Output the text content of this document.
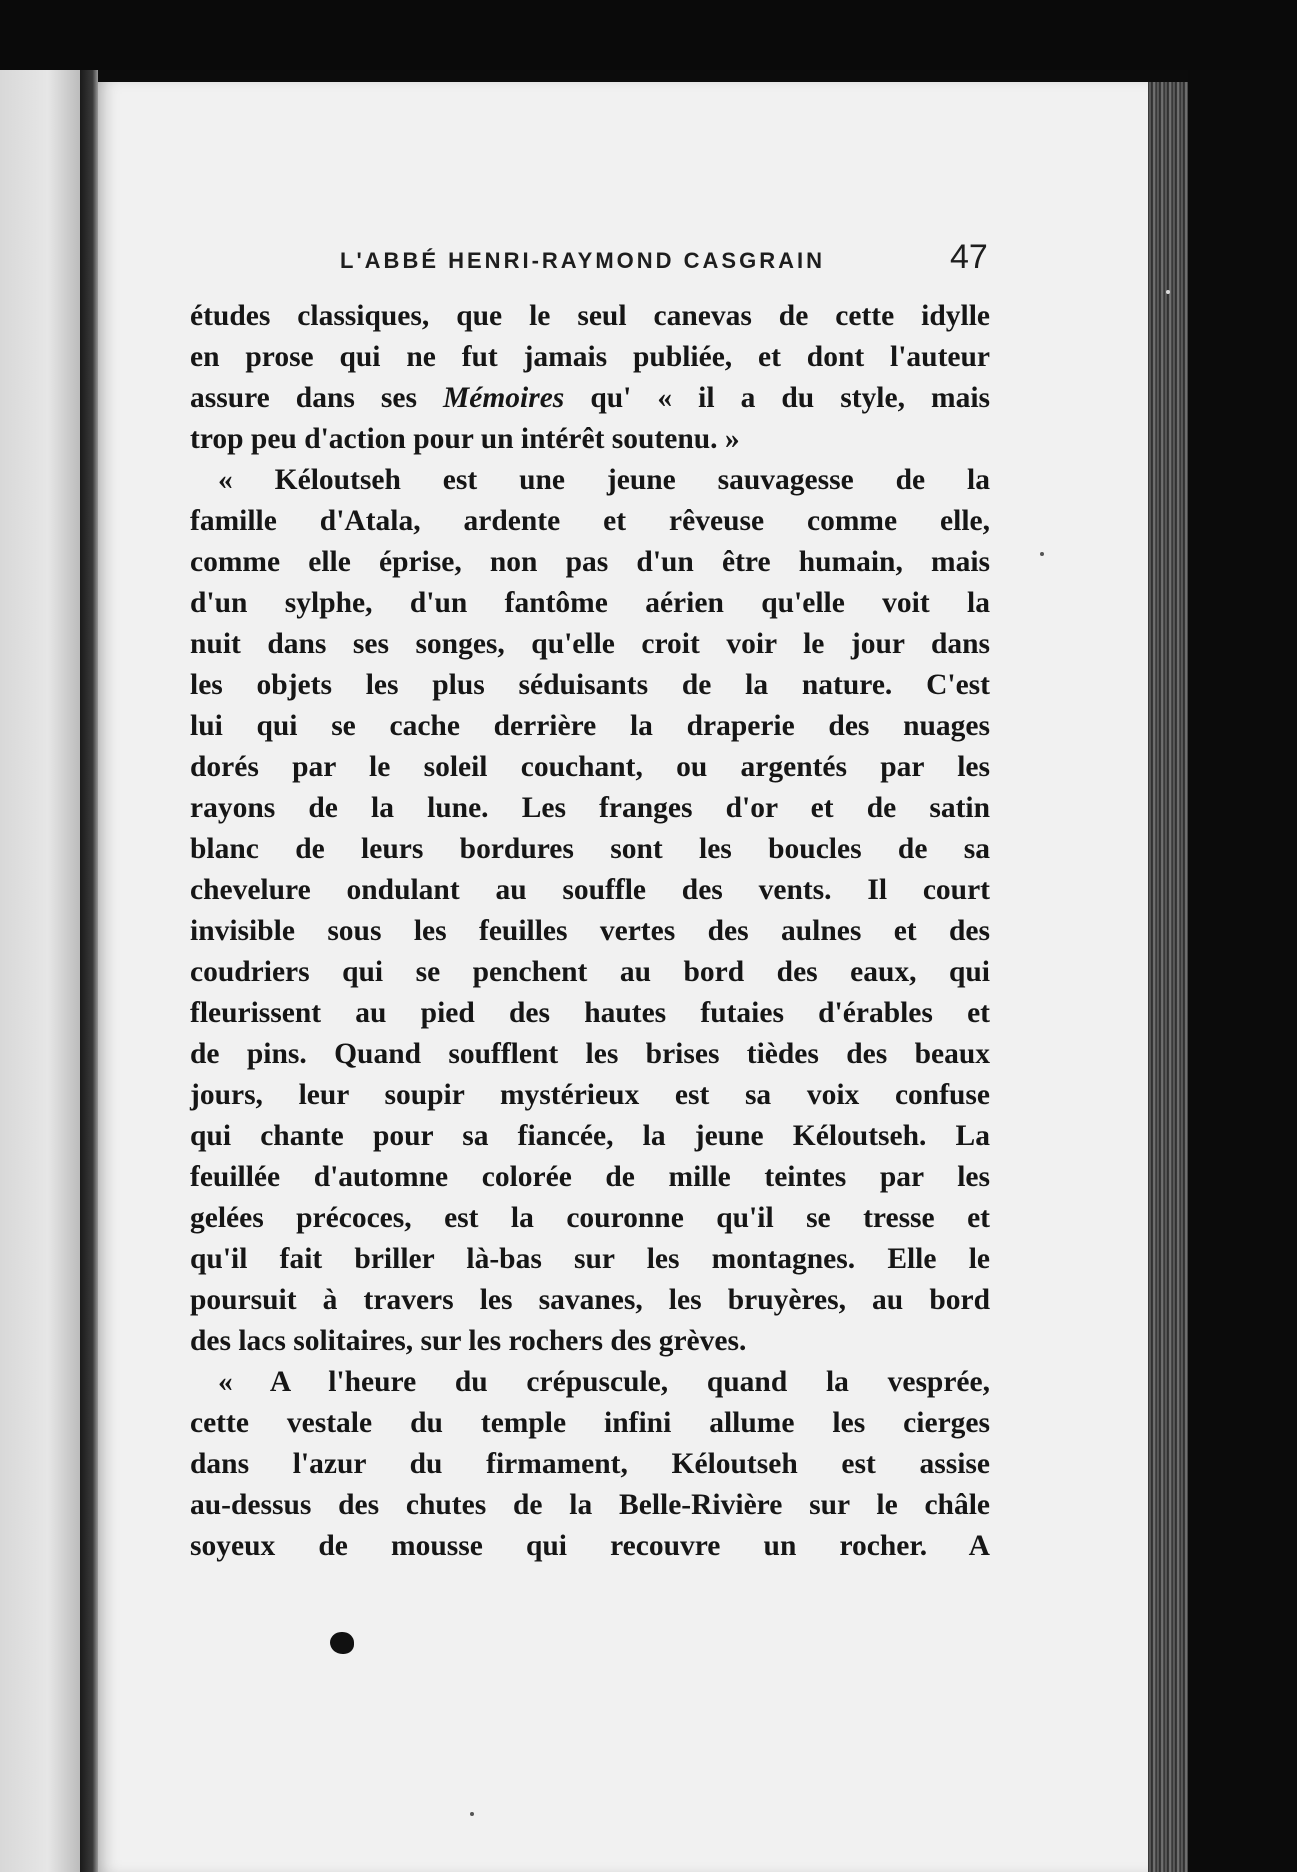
L'ABBÉ HENRI-RAYMOND CASGRAIN	47
études classiques, que le seul canevas de cette idylle
en prose qui ne fut jamais publiée, et dont l'auteur
assure dans ses Mémoires qu' « il a du style, mais
trop peu d'action pour un intérêt soutenu. »
« Kéloutseh est une jeune sauvagesse de la
famille d'Atala, ardente et rêveuse comme elle,
comme elle éprise, non pas d'un être humain, mais
d'un sylphe, d'un fantôme aérien qu'elle voit la
nuit dans ses songes, qu'elle croit voir le jour dans
les objets les plus séduisants de la nature. C'est
lui qui se cache derrière la draperie des nuages
dorés par le soleil couchant, ou argentés par les
rayons de la lune. Les franges d'or et de satin
blanc de leurs bordures sont les boucles de sa
chevelure ondulant au souffle des vents. Il court
invisible sous les feuilles vertes des aulnes et des
coudriers qui se penchent au bord des eaux, qui
fleurissent au pied des hautes futaies d'érables et
de pins. Quand soufflent les brises tièdes des beaux
jours, leur soupir mystérieux est sa voix confuse
qui chante pour sa fiancée, la jeune Kéloutseh. La
feuillée d'automne colorée de mille teintes par les
gelées précoces, est la couronne qu'il se tresse et
qu'il fait briller là-bas sur les montagnes. Elle le
poursuit à travers les savanes, les bruyères, au bord
des lacs solitaires, sur les rochers des grèves.
« A l'heure du crépuscule, quand la vesprée,
cette vestale du temple infini allume les cierges
dans l'azur du firmament, Kéloutseh est assise
au-dessus des chutes de la Belle-Rivière sur le châle
soyeux de mousse qui recouvre un rocher. A
